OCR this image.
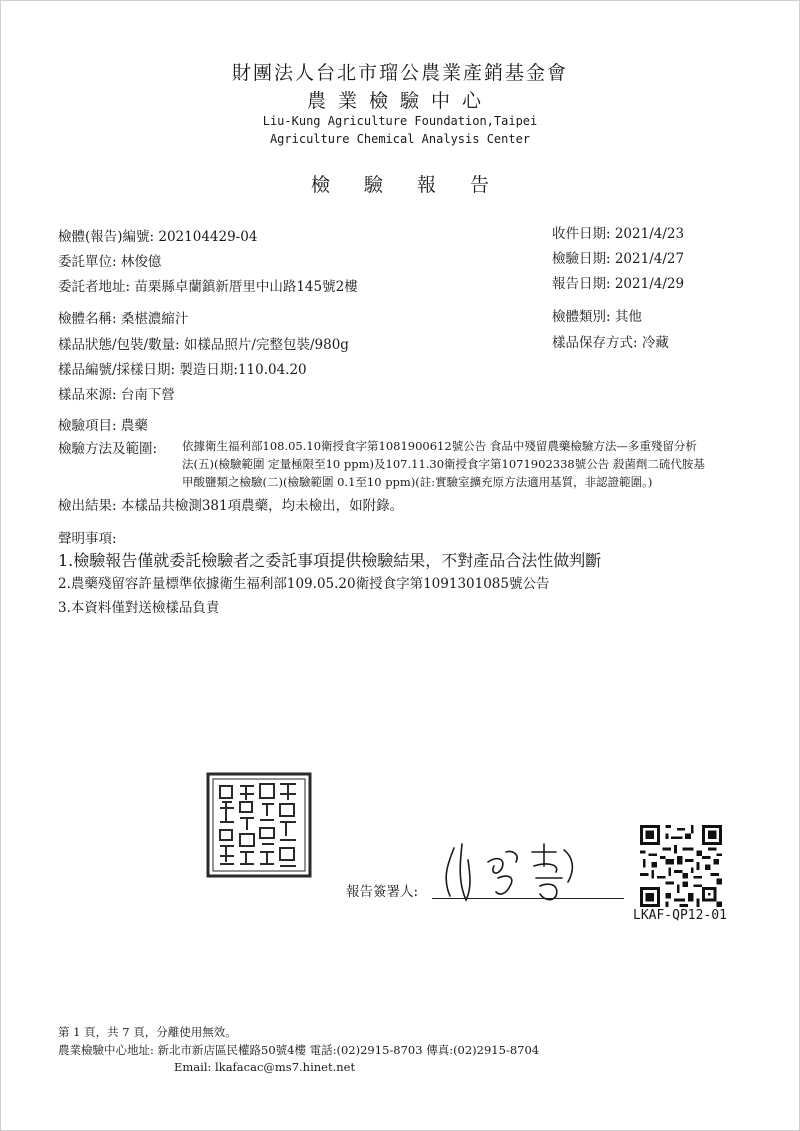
財團法人台北市瑠公農業產銷基金會
農業檢驗中心
Liu-Kung Agriculture Foundation,Taipei
Agriculture Chemical Analysis Center
檢驗報告
檢體(報告)編號: 202104429-04
委託單位: 林俊億
委託者地址: 苗栗縣卓蘭鎮新厝里中山路145號2樓
檢體名稱: 桑椹濃縮汁
樣品狀態/包裝/數量: 如樣品照片/完整包裝/980g
樣品編號/採樣日期: 製造日期:110.04.20
樣品來源: 台南下營
收件日期: 2021/4/23
檢驗日期: 2021/4/27
報告日期: 2021/4/29
檢體類別: 其他
樣品保存方式: 冷藏
檢驗項目: 農藥
檢驗方法及範圍: 依據衛生福利部108.05.10衛授食字第1081900612號公告 食品中殘留農藥檢驗方法—多重殘留分析
法(五)(檢驗範圍 定量極限至10 ppm)及107.11.30衛授食字第1071902338號公告 殺菌劑二硫代胺基
甲酸鹽類之檢驗(二)(檢驗範圍 0.1至10 ppm)(註:實驗室擴充原方法適用基質，非認證範圍。)
檢出結果: 本樣品共檢測381項農藥，均未檢出，如附錄。
聲明事項:
1.檢驗報告僅就委託檢驗者之委託事項提供檢驗結果，不對產品合法性做判斷
2.農藥殘留容許量標準依據衛生福利部109.05.20衛授食字第1091301085號公告
3.本資料僅對送檢樣品負責
報告簽署人:
LKAF-QP12-01
第 1 頁，共 7 頁，分離使用無效。
農業檢驗中心地址: 新北市新店區民權路50號4樓 電話:(02)2915-8703 傳真:(02)2915-8704
Email: lkafacac@ms7.hinet.net
